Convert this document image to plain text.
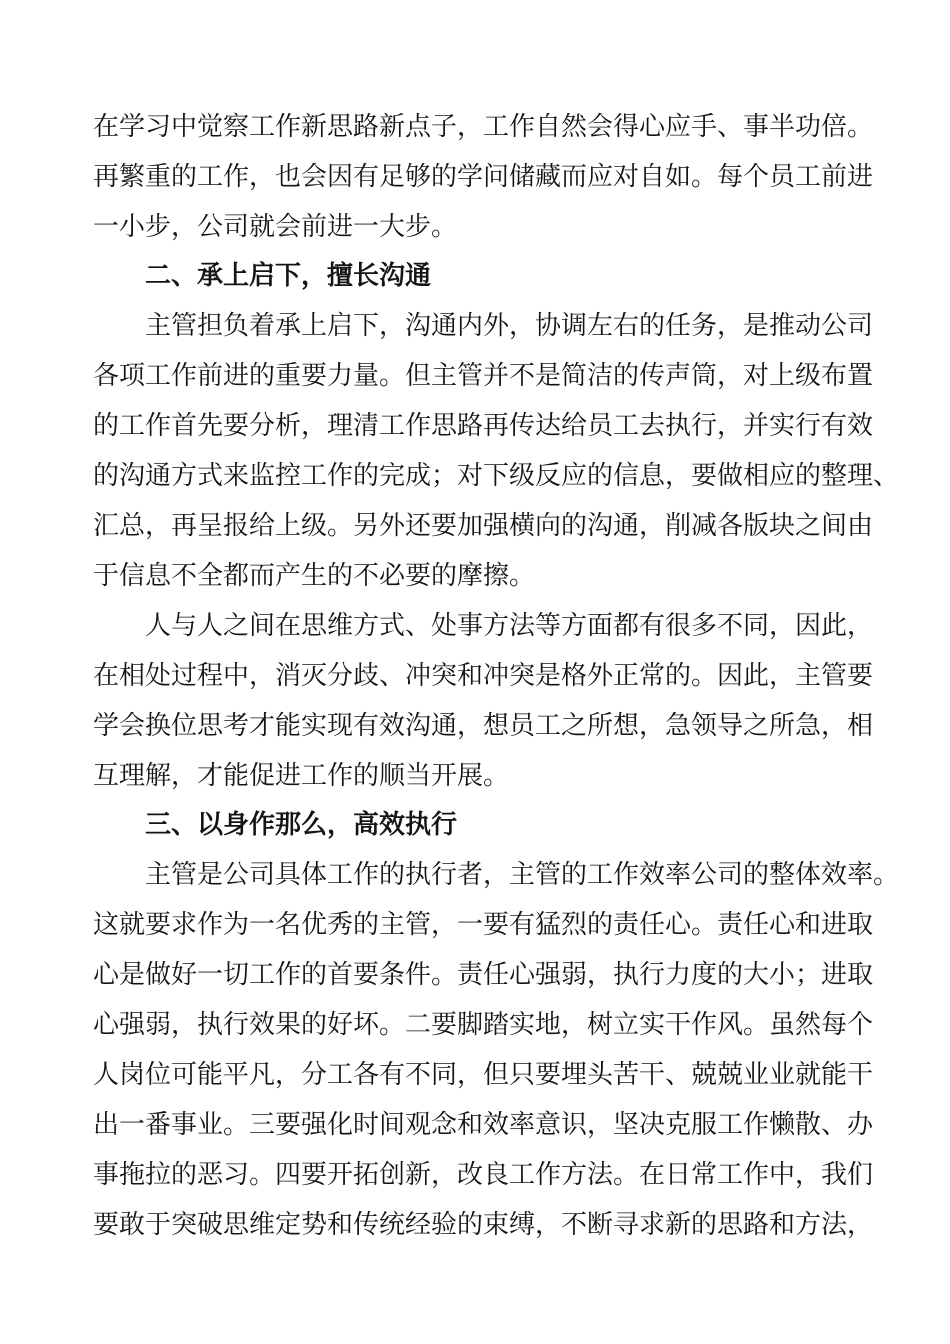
在学习中觉察工作新思路新点子，工作自然会得心应手、事半功倍。

再繁重的工作，也会因有足够的学问储藏而应对自如。每个员工前进

一小步，公司就会前进一大步。

二、承上启下，擅长沟通

主管担负着承上启下，沟通内外，协调左右的任务，是推动公司

各项工作前进的重要力量。但主管并不是简洁的传声筒，对上级布置

的工作首先要分析，理清工作思路再传达给员工去执行，并实行有效

的沟通方式来监控工作的完成；对下级反应的信息，要做相应的整理、

汇总，再呈报给上级。另外还要加强横向的沟通，削减各版块之间由

于信息不全都而产生的不必要的摩擦。

人与人之间在思维方式、处事方法等方面都有很多不同，因此，

在相处过程中，消灭分歧、冲突和冲突是格外正常的。因此，主管要

学会换位思考才能实现有效沟通，想员工之所想，急领导之所急，相

互理解，才能促进工作的顺当开展。

三、以身作那么，高效执行

主管是公司具体工作的执行者，主管的工作效率公司的整体效率。

这就要求作为一名优秀的主管，一要有猛烈的责任心。责任心和进取

心是做好一切工作的首要条件。责任心强弱，执行力度的大小；进取

心强弱，执行效果的好坏。二要脚踏实地，树立实干作风。虽然每个

人岗位可能平凡，分工各有不同，但只要埋头苦干、兢兢业业就能干

出一番事业。三要强化时间观念和效率意识，坚决克服工作懒散、办

事拖拉的恶习。四要开拓创新，改良工作方法。在日常工作中，我们

要敢于突破思维定势和传统经验的束缚，不断寻求新的思路和方法，
